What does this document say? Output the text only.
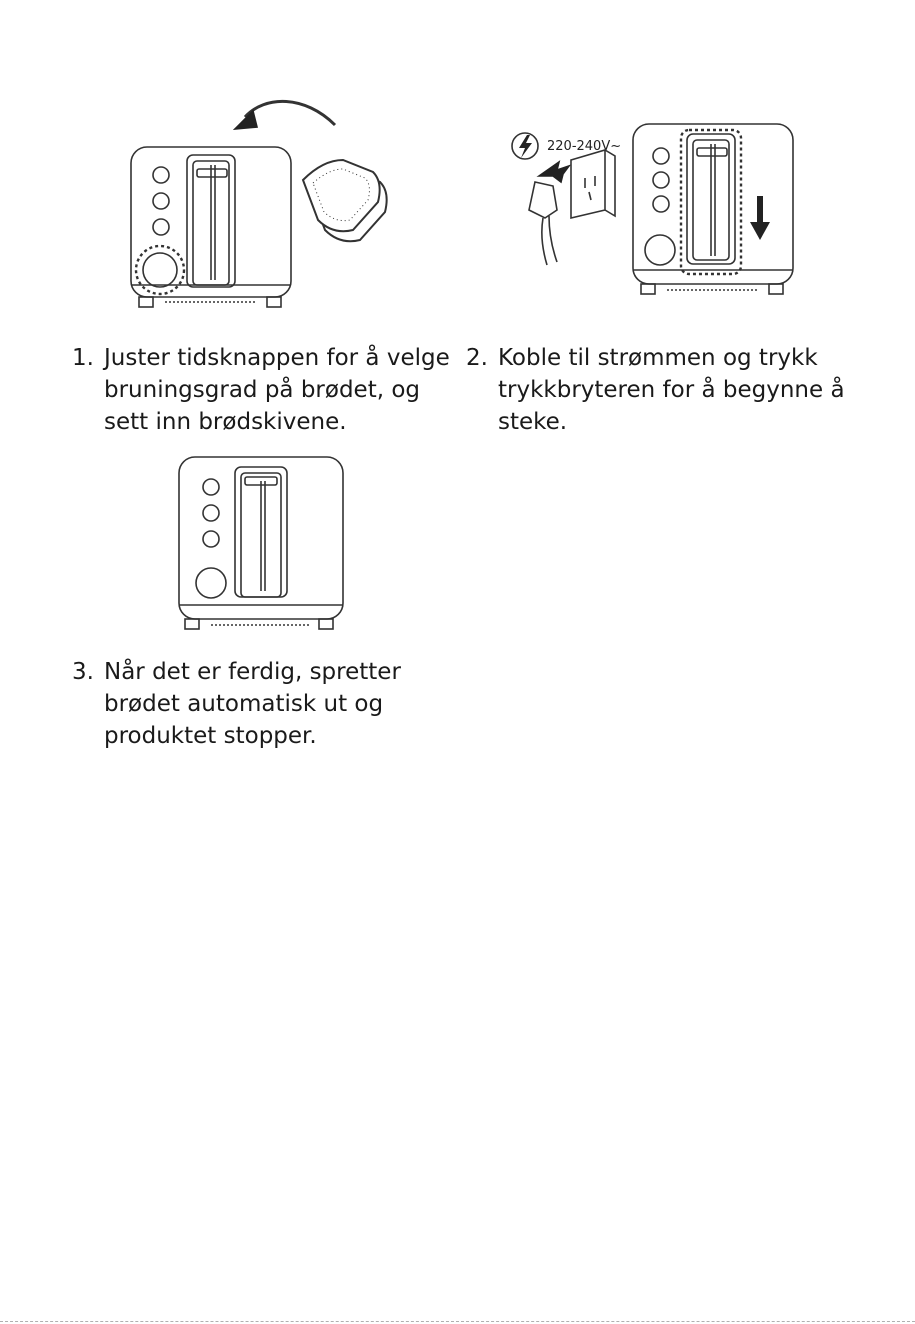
220-240V~
1. Juster tidsknappen for å velge
bruningsgrad på brødet, og
sett inn brødskivene.
2. Koble til strømmen og trykk
trykkbryteren for å begynne å
steke.
3. Når det er ferdig, spretter
brødet automatisk ut og
produktet stopper.
